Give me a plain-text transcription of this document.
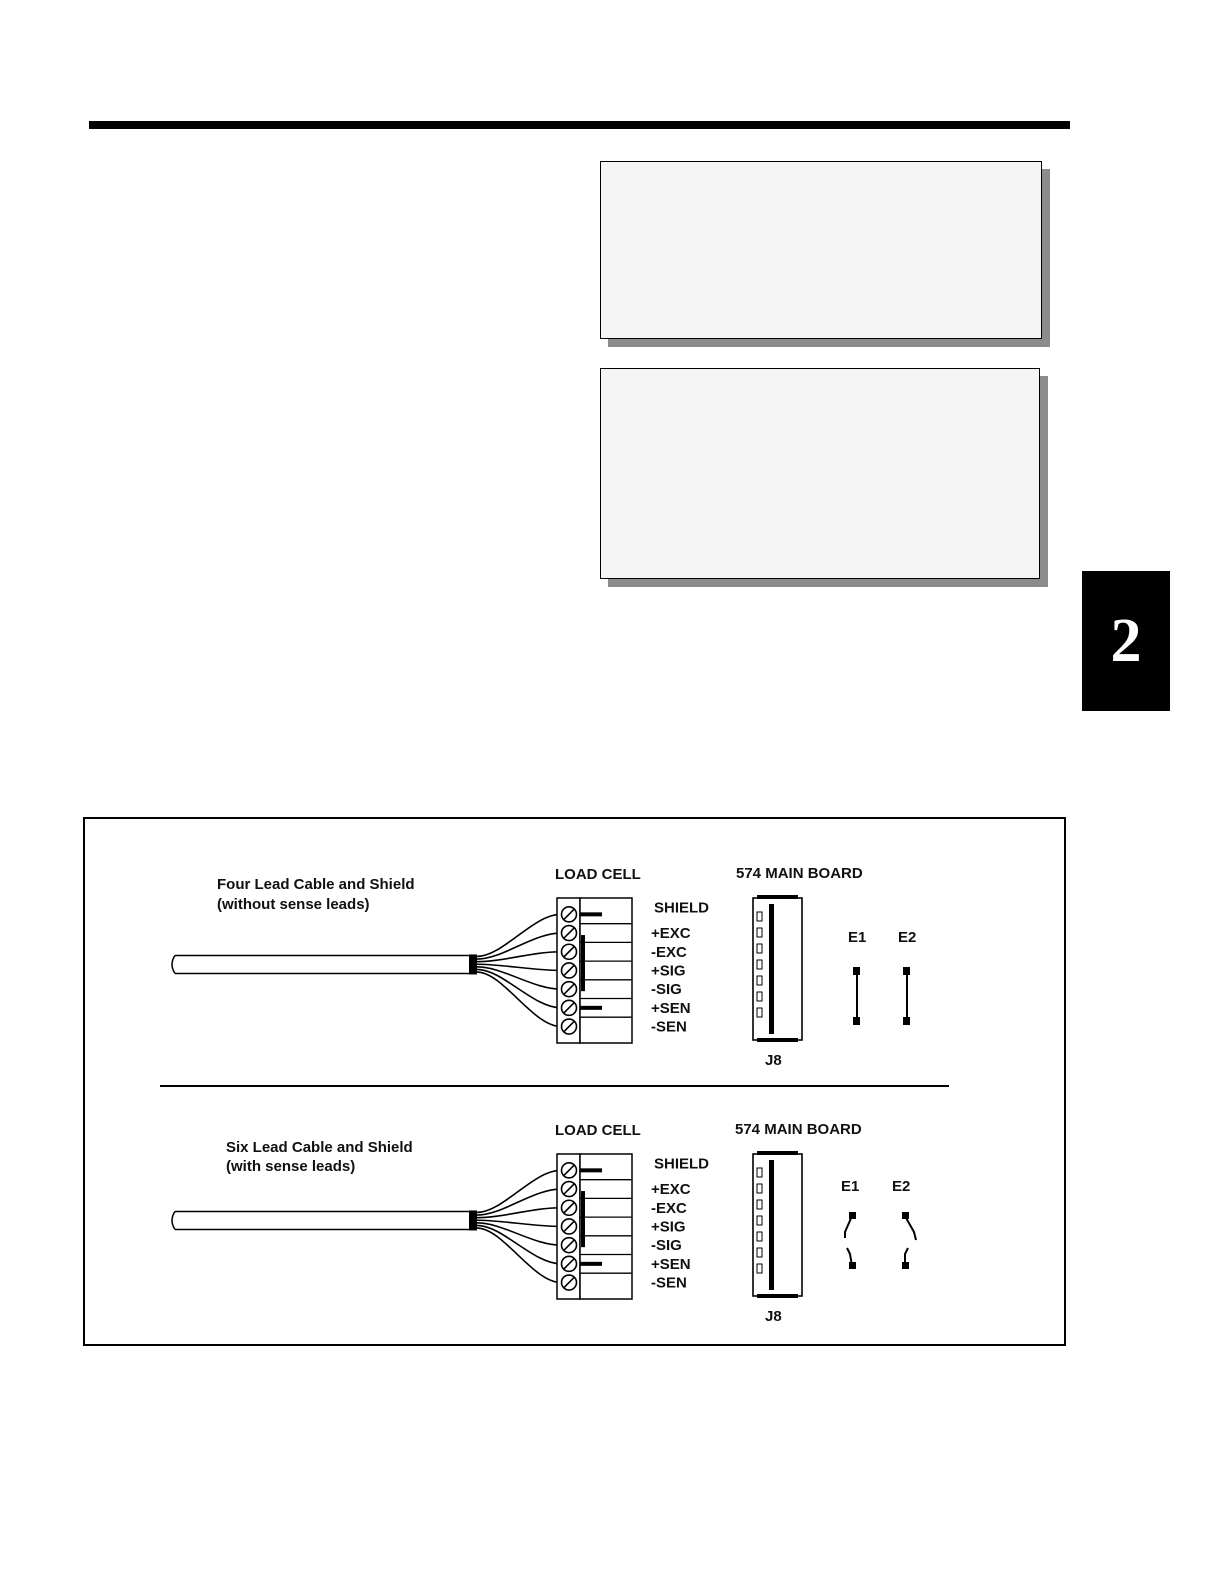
2
Four Lead Cable and Shield
(without sense leads)
LOAD CELL	574 MAIN BOARD
SHIELD
+EXC
-EXC
+SIG
-SIG
+SEN
-SEN
J8
E1 E2
Six Lead Cable and Shield
(with sense leads)
LOAD CELL	574 MAIN BOARD
SHIELD
+EXC
-EXC
+SIG
-SIG
+SEN
-SEN
J8
E1 E2
